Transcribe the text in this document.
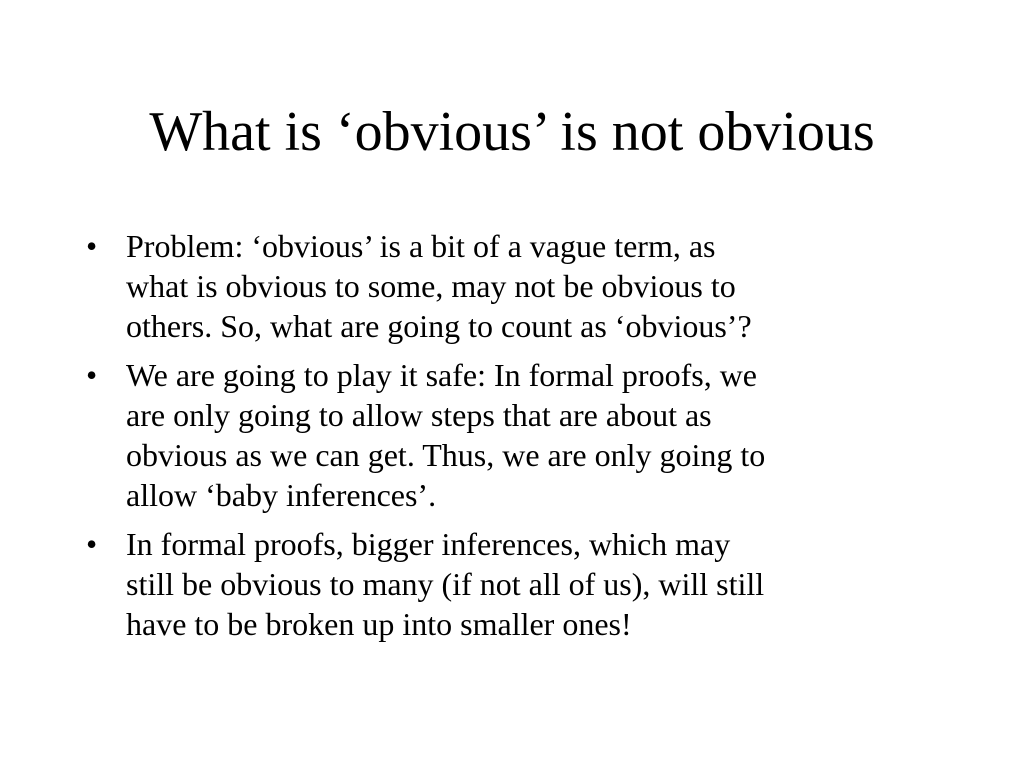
What is ‘obvious’ is not obvious
• Problem: ‘obvious’ is a bit of a vague term, as
what is obvious to some, may not be obvious to
others. So, what are going to count as ‘obvious’?
• We are going to play it safe: In formal proofs, we
are only going to allow steps that are about as
obvious as we can get. Thus, we are only going to
allow ‘baby inferences’.
• In formal proofs, bigger inferences, which may
still be obvious to many (if not all of us), will still
have to be broken up into smaller ones!
